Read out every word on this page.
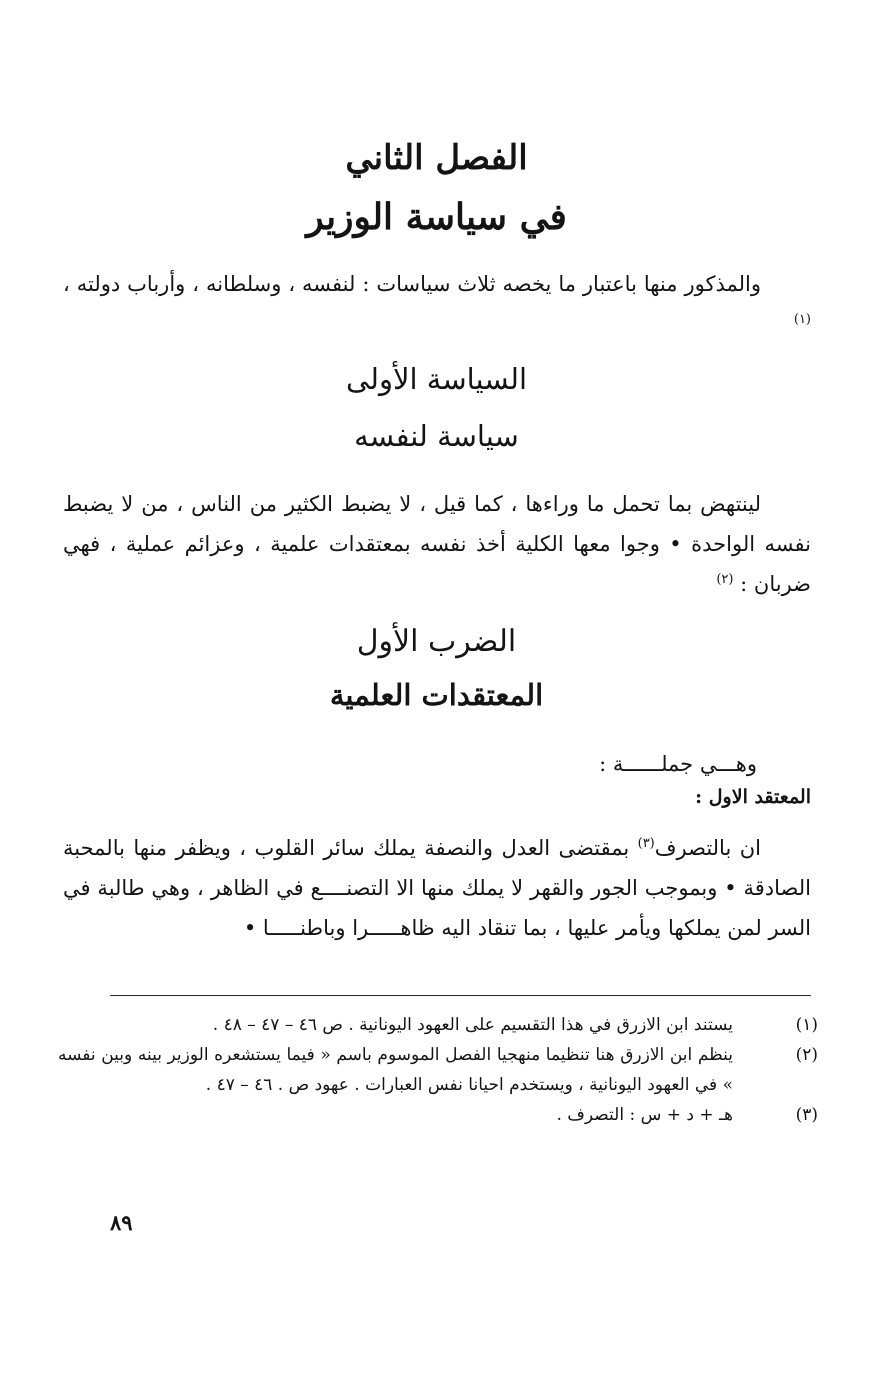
الفصل الثاني
في سياسة الوزير
والمذكور منها باعتبار ما يخصه ثلاث سياسات : لنفسه ، وسلطانه ، وأرباب دولته ، $^{(١)}$
السياسة الأولى
سياسة لنفسه
لينتهض بما تحمل ما وراءها ، كما قيل ، لا يضبط الكثير من الناس ، من لا يضبط نفسه الواحدة • وجوا معها الكلية أخذ نفسه بمعتقدات علمية ، وعزائم عملية ، فهي ضربان : $^{(٢)}$
الضرب الأول
المعتقدات العلمية
وهـــي جملــــــة :
المعتقد الاول :
ان بالتصرف$^{(٣)}$ بمقتضى العدل والنصفة يملك سائر القلوب ، ويظفر منها بالمحبة الصادقة • وبموجب الجور والقهر لا يملك منها الا التصنــــع في الظاهر ، وهي طالبة في السر لمن يملكها ويأمر عليها ، بما تنقاد اليه ظاهـــــرا وباطنـــــا •
(١)
يستند ابن الازرق في هذا التقسيم على العهود اليونانية . ص ٤٦ – ٤٧ – ٤٨ .
(٢)
ينظم ابن الازرق هنا تنظيما منهجيا الفصل الموسوم باسم « فيما يستشعره الوزير بينه وبين نفسه » في العهود اليونانية ، ويستخدم احيانا نفس العبارات . عهود ص . ٤٦ – ٤٧ .
(٣)
هـ + د + س : التصرف .
٨٩
